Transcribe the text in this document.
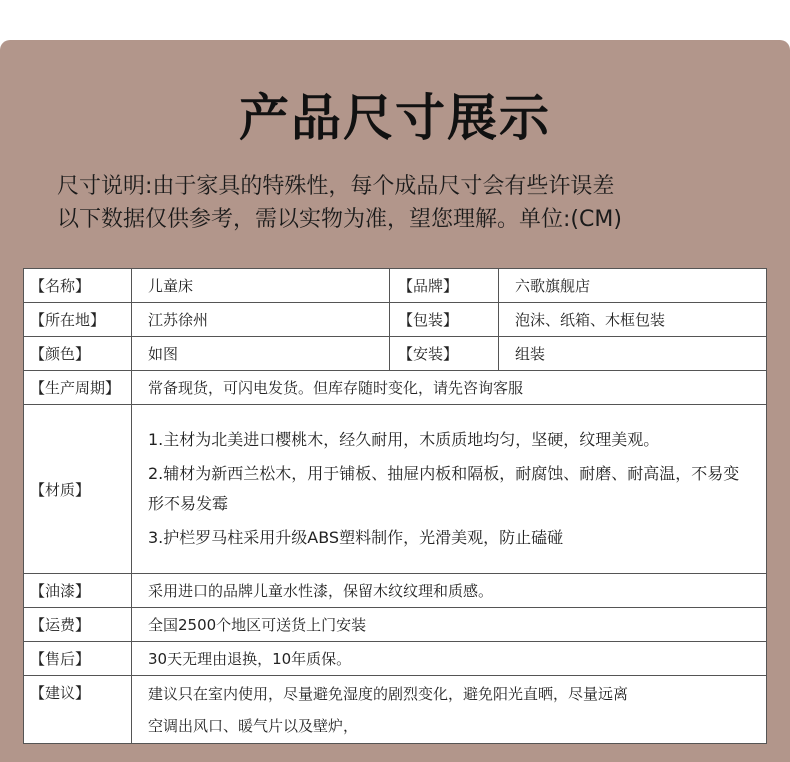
产品尺寸展示
尺寸说明:由于家具的特殊性，每个成品尺寸会有些许误差
以下数据仅供参考，需以实物为准，望您理解。单位:(CM)
【名称】	儿童床	【品牌】	六歌旗舰店
【所在地】	江苏徐州	【包装】	泡沫、纸箱、木框包装
【颜色】	如图	【安装】	组装
【生产周期】	常备现货，可闪电发货。但库存随时变化，请先咨询客服		
【材质】	1.主材为北美进口樱桃木，经久耐用，木质质地均匀，坚硬，纹理美观。

2.辅材为新西兰松木，用于铺板、抽屉内板和隔板，耐腐蚀、耐磨、耐高温，不易变形不易发霉

3.护栏罗马柱采用升级ABS塑料制作，光滑美观，防止磕碰		

【油漆】	采用进口的品牌儿童水性漆，保留木纹纹理和质感。		
【运费】	全国2500个地区可送货上门安装		
【售后】	30天无理由退换，10年质保。		
【建议】	建议只在室内使用，尽量避免湿度的剧烈变化，避免阳光直晒，尽量远离

空调出风口、暖气片以及壁炉，		
